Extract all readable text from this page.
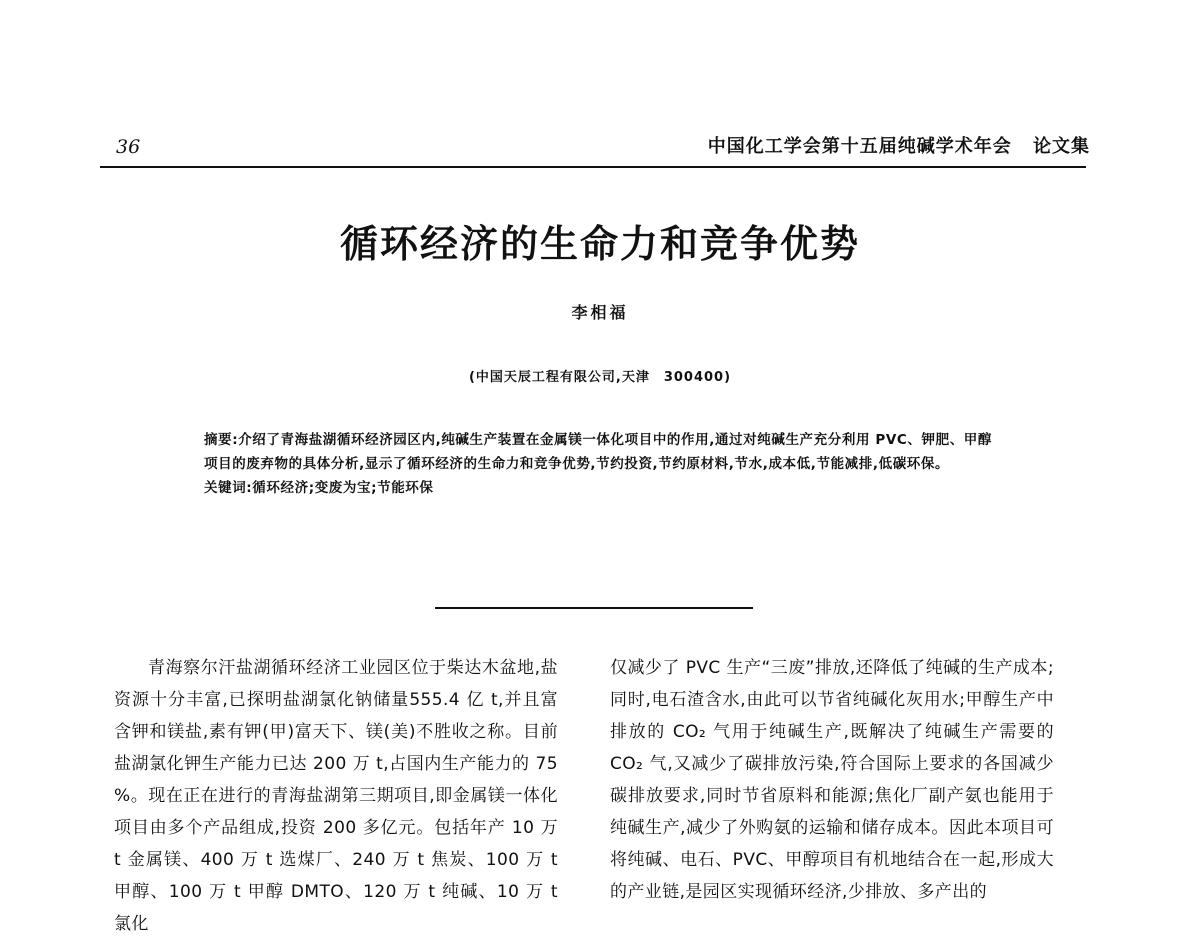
36	中国化工学会第十五届纯碱学术年会 论文集
循环经济的生命力和竞争优势
李相福
(中国天辰工程有限公司,天津　300400)

摘要:介绍了青海盐湖循环经济园区内,纯碱生产装置在金属镁一体化项目中的作用,通过对纯碱生产充分利用 PVC、钾肥、甲醇项目的废弃物的具体分析,显示了循环经济的生命力和竞争优势,节约投资,节约原材料,节水,成本低,节能减排,低碳环保。

关键词:循环经济;变废为宝;节能环保

青海察尔汗盐湖循环经济工业园区位于柴达木盆地,盐资源十分丰富,已探明盐湖氯化钠储量555.4 亿 t,并且富含钾和镁盐,素有钾(甲)富天下、镁(美)不胜收之称。目前盐湖氯化钾生产能力已达 200 万 t,占国内生产能力的 75 %。现在正在进行的青海盐湖第三期项目,即金属镁一体化项目由多个产品组成,投资 200 多亿元。包括年产 10 万 t 金属镁、400 万 t 选煤厂、240 万 t 焦炭、100 万 t 甲醇、100 万 t 甲醇 DMTO、120 万 t 纯碱、10 万 t 氯化

仅减少了 PVC 生产“三废”排放,还降低了纯碱的生产成本;同时,电石渣含水,由此可以节省纯碱化灰用水;甲醇生产中排放的 CO₂ 气用于纯碱生产,既解决了纯碱生产需要的 CO₂ 气,又减少了碳排放污染,符合国际上要求的各国减少碳排放要求,同时节省原料和能源;焦化厂副产氨也能用于纯碱生产,减少了外购氨的运输和储存成本。因此本项目可将纯碱、电石、PVC、甲醇项目有机地结合在一起,形成大的产业链,是园区实现循环经济,少排放、多产出的
